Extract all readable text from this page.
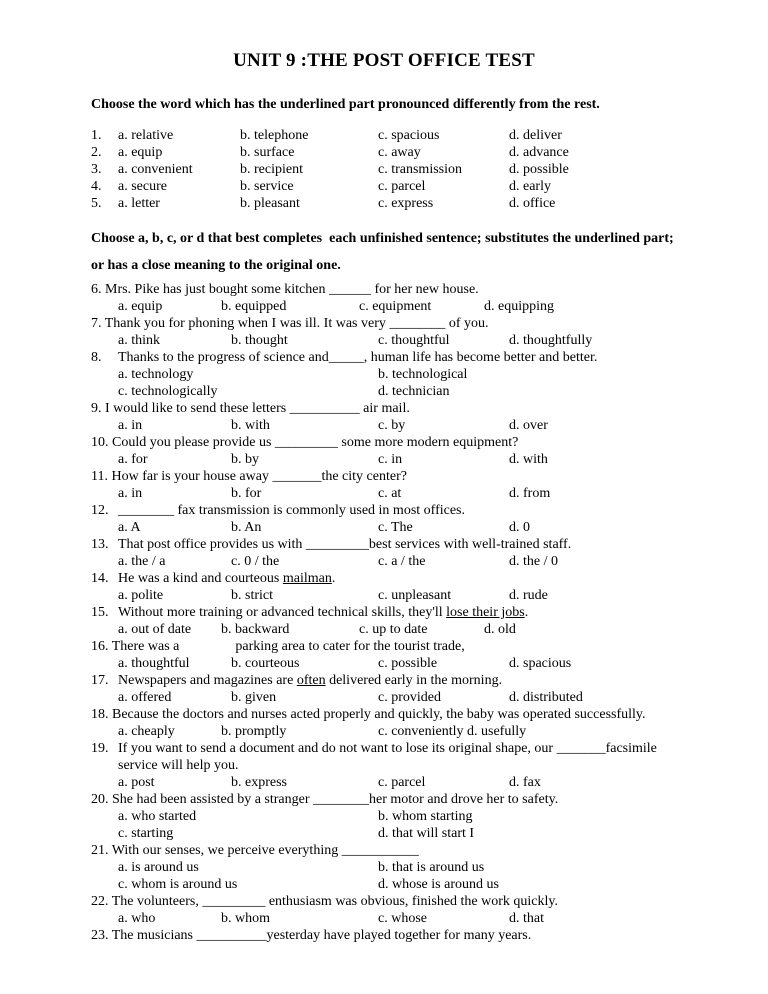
UNIT 9 :THE POST OFFICE TEST
Choose the word which has the underlined part pronounced differently from the rest.
1. a. relative	b. telephone	c. spacious	d. deliver
2. a. equip	b. surface	c. away	d. advance
3. a. convenient	b. recipient	c. transmission	d. possible
4. a. secure	b. service	c. parcel	d. early
5. a. letter	b. pleasant	c. express	d. office
Choose a, b, c, or d that best completes  each unfinished sentence; substitutes the underlined part;
or has a close meaning to the original one.
6. Mrs. Pike has just bought some kitchen ______ for her new house.
a. equip	b. equipped	c. equipment	d. equipping
7. Thank you for phoning when I was ill. It was very ________ of you.
a. think	b. thought	c. thoughtful	d. thoughtfully
8. Thanks to the progress of science and_____, human life has become better and better.
a. technology	b. technological
c. technologically	d. technician
9. I would like to send these letters __________ air mail.
a. in	b. with	c. by	d. over
10. Could you please provide us _________ some more modern equipment?
a. for	b. by	c. in	d. with
11. How far is your house away _______the city center?
a. in	b. for	c. at	d. from
12. ________ fax transmission is commonly used in most offices.
a. A	b. An	c. The	d. 0
13. That post office provides us with _________best services with well-trained staff.
a. the / a	c. 0 / the	c. a / the	d. the / 0
14. He was a kind and courteous mailman.
a. polite	b. strict	c. unpleasant	d. rude
15. Without more training or advanced technical skills, they'll lose their jobs.
a. out of date b. backward	c. up to date	d. old
16. There was a                parking area to cater for the tourist trade,
a. thoughtful	b. courteous	c. possible	d. spacious
17. Newspapers and magazines are often delivered early in the morning.
a. offered	b. given	c. provided	d. distributed
18. Because the doctors and nurses acted properly and quickly, the baby was operated successfully.
a. cheaply	b. promptly	c. conveniently d. usefully
19. If you want to send a document and do not want to lose its original shape, our _______facsimile
service will help you.
a. post	b. express	c. parcel	d. fax
20. She had been assisted by a stranger ________her motor and drove her to safety.
a. who started	b. whom starting
c. starting	d. that will start I
21. With our senses, we perceive everything ___________
a. is around us	b. that is around us
c. whom is around us	d. whose is around us
22. The volunteers, _________ enthusiasm was obvious, finished the work quickly.
a. who	b. whom	c. whose	d. that
23. The musicians __________yesterday have played together for many years.
